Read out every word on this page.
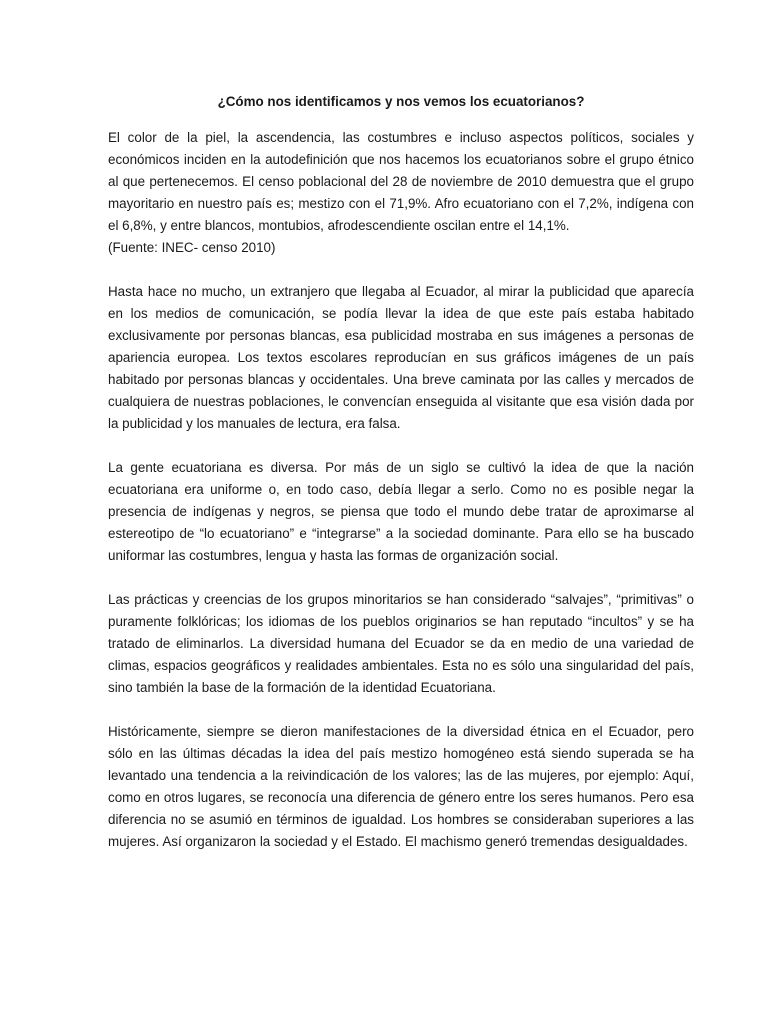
¿Cómo nos identificamos y nos vemos los ecuatorianos?
El color de la piel, la ascendencia, las costumbres e incluso aspectos políticos, sociales y económicos inciden en la autodefinición que nos hacemos los ecuatorianos sobre el grupo étnico al que pertenecemos. El censo poblacional del 28 de noviembre de 2010 demuestra que el grupo mayoritario en nuestro país es; mestizo con el 71,9%. Afro ecuatoriano con el 7,2%, indígena con el 6,8%, y entre blancos, montubios, afrodescendiente oscilan entre el 14,1%.
(Fuente: INEC- censo 2010)
Hasta hace no mucho, un extranjero que llegaba al Ecuador, al mirar la publicidad que aparecía en los medios de comunicación, se podía llevar la idea de que este país estaba habitado exclusivamente por personas blancas, esa publicidad mostraba en sus imágenes a personas de apariencia europea. Los textos escolares reproducían en sus gráficos imágenes de un país habitado por personas blancas y occidentales. Una breve caminata por las calles y mercados de cualquiera de nuestras poblaciones, le convencían enseguida al visitante que esa visión dada por la publicidad y los manuales de lectura, era falsa.
La gente ecuatoriana es diversa. Por más de un siglo se cultivó la idea de que la nación ecuatoriana era uniforme o, en todo caso, debía llegar a serlo. Como no es posible negar la presencia de indígenas y negros, se piensa que todo el mundo debe tratar de aproximarse al estereotipo de “lo ecuatoriano” e “integrarse” a la sociedad dominante. Para ello se ha buscado uniformar las costumbres, lengua y hasta las formas de organización social.
Las prácticas y creencias de los grupos minoritarios se han considerado “salvajes”, “primitivas” o puramente folklóricas; los idiomas de los pueblos originarios se han reputado “incultos” y se ha tratado de eliminarlos. La diversidad humana del Ecuador se da en medio de una variedad de climas, espacios geográficos y realidades ambientales. Esta no es sólo una singularidad del país, sino también la base de la formación de la identidad Ecuatoriana.
Históricamente, siempre se dieron manifestaciones de la diversidad étnica en el Ecuador, pero sólo en las últimas décadas la idea del país mestizo homogéneo está siendo superada se ha levantado una tendencia a la reivindicación de los valores; las de las mujeres, por ejemplo: Aquí, como en otros lugares, se reconocía una diferencia de género entre los seres humanos. Pero esa diferencia no se asumió en términos de igualdad. Los hombres se consideraban superiores a las mujeres. Así organizaron la sociedad y el Estado. El machismo generó tremendas desigualdades.
